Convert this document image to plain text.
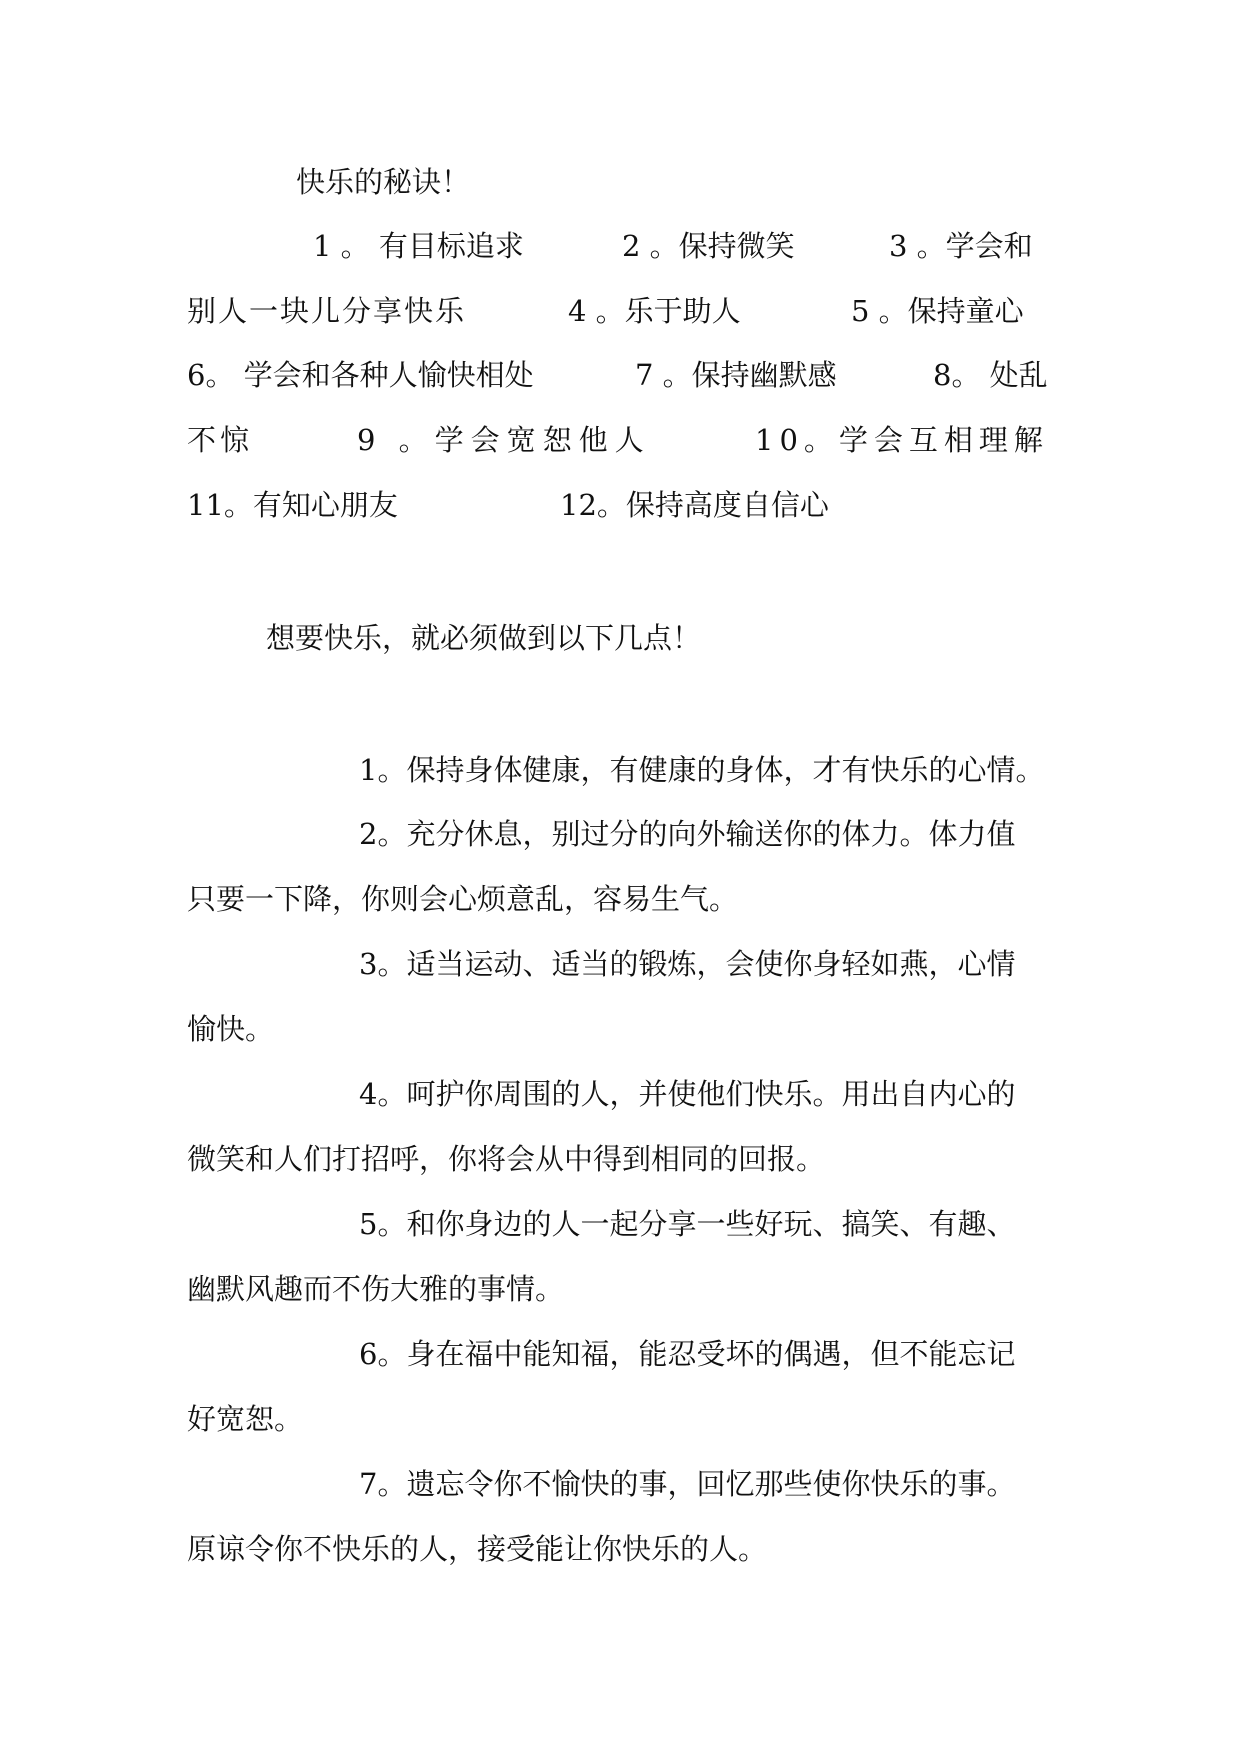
快乐的秘诀！

1 。 有目标追求	2 。保持微笑	3 。学会和
别人一块儿分享快乐	4 。乐于助人	5 。保持童心
6。 学会和各种人愉快相处	7 。保持幽默感	8。 处乱
不惊	9 。学会宽恕他人	10。学会互相理解
11。有知心朋友	12。保持高度自信心

想要快乐，就必须做到以下几点！

1。保持身体健康，有健康的身体，才有快乐的心情。
2。充分休息，别过分的向外输送你的体力。体力值
只要一下降，你则会心烦意乱，容易生气。
3。适当运动、适当的锻炼，会使你身轻如燕，心情
愉快。
4。呵护你周围的人，并使他们快乐。用出自内心的
微笑和人们打招呼，你将会从中得到相同的回报。
5。和你身边的人一起分享一些好玩、搞笑、有趣、
幽默风趣而不伤大雅的事情。
6。身在福中能知福，能忍受坏的偶遇，但不能忘记
好宽恕。
7。遗忘令你不愉快的事，回忆那些使你快乐的事。
原谅令你不快乐的人，接受能让你快乐的人。
